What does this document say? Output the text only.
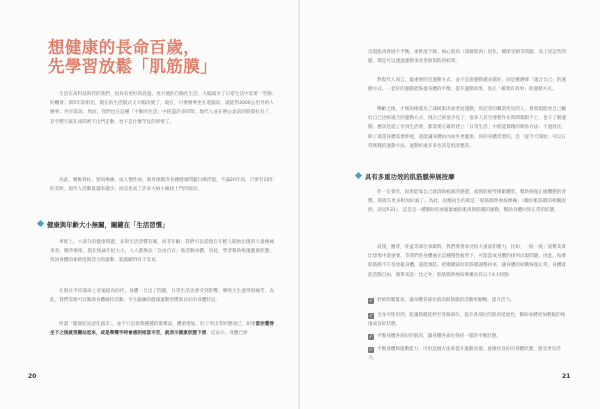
想健康的長命百歲，
先學習放鬆「肌筋膜」
生活在高科技時代的我們，因為有更好的設施，更方便的自動化生活，大幅減少了日常生活中需要「勞動」的機會；與5年前相比，現在的生活模式又大幅改變了，現在，只要辦事坐在電腦前，就能對3000公里外的人辦事，共享資訊；然而，我們也在這種「不動的生活」中耗盡許多時間，現代人並在辦公桌前的時間拉長了，甚至整天窩在座間裡不出門走動，也不是什麼罕見的事情了。
為此，腰椎脊柱、頸肩痠痛、成人慢性病，肌骨損傷等各種健康問題日漸浮現，不論20年前，只要有10年的差距，現代人活動量越來越少，而這也成了許多大病小痛找上門的原因。
健康與年齡大小無關，關鍵在「生活習慣」
事實上，大部分的健康問題，多與生活習慣有關，而非年齡；我們可以從現在年輕人開始出現的大量痠痛來看，腰背痠疼，現在無論年紀大小，人人都無法「自由自在」地活動身體，因此，學習幫助恢復健康狀態，找回身體的柔軟度與活力的運動，就越顯得有不容易。
在現在平均壽命上普遍提高的代，身體一旦出了問題，日常生活也會受到影響，導致大生過得很痛苦，為此，我們需要可以幫助身體維持活動，平生鍛鍊的健康運動習慣與良好的身體狀況。
所謂「健康狀況惡化越差」，並不只是指我種種的奮嘆氣，體重增加，肚子突出等狀態而已，如果當你覺得坐下之後就很難站起來，或是舉雙手時會感到相當辛苦，就表示健康狀態下滑。這表示，身體已經
20
出現肌肉發展不平衡，柔軟度下降、核心肌肉（深層肌肉）退化，關節受損等問題，而上述這些問題，都是可以透過運動來改善與預防的結果。
對現代人而言，最重要的是運動方式，並不是說運動越多越好，而是應選擇「適合自己」的運動方式。一套好的運動能恢復身體的平衡，提升運動效果，真正「確實有效果」的運動方式。
樂齡之後，才後知後覺為了減緩肌肉衰老而運動，用記者的職業所見的人，會發現能看自己屬於自己比較適合的運動方式，現在已經很少見了；很多人甚至連要作在時間都跟不上，也不了解運動，應該是從工作到生活裡，都需要正確的建立「日常生活」中就能實踐的簡易方法：不過放比，除了適當身體需要伸展，還能讓身體由內而外更健康，你的身體需要的，是「從今天開始」可以日常實踐的運動方法，運動好處多多也該是很清楚的。
具有多重功效的肌筋膜伸展按摩
作一定要有，如果能靠自己就消除疲累的感覺，或預防疲勞積累體狀，幫助恢復正確體態的習慣，那就有更多附加好處了。為此，因應而生的就是「肌筋膜伸展按摩操」（關於肌筋膜的相關說明，請見P.31），這是是一種幫助你放鬆緊繃的肌肉與筋膜的運動，幫助身體回到正常的狀態。
肩頸，腰背，骨盆等部位承載時，我們要著承受很大重量和壓力，比如，一般一般；姿勢其實比想像中還重要，等我們的身體處在這種慢性疲勞下，可能造成身體的排列出現問題。因此，按摩肌筋膜不只是放鬆身體，還能預防，把關鍵部位的筋膜調整回來，讓身體的結構恢復正常，身體就能活動自如，簡單來說：比之外，肌筋膜伸展按摩操具有以下4大特點：
✓ 舒緩筋膜緊張，讓身體各部位肌肉與筋膜的活動更順暢，提升活力。
✓ 全身可使用到，能讓筋膜延伸至各個部位，提升各部位的肌肉延展性，幫助身體更加輕鬆的恢復成良好狀態。
✓ 平衡身體各部位的肌肉，讓身體各部位保持一樣的平衡狀態。
✓ 平衡身體與運動能力，可用這個方法來提升運動表現，並維持良好的身體狀態，感受更有活力。
21
